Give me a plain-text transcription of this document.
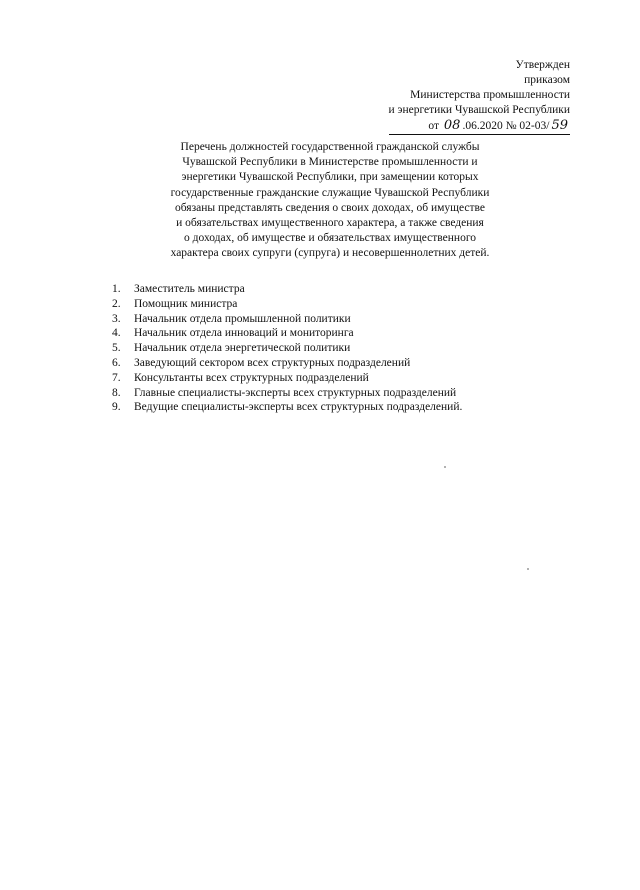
Утвержден
приказом
Министерства промышленности
и энергетики Чувашской Республики
от 08 .06.2020 № 02-03/ 59
Перечень должностей государственной гражданской службы
Чувашской Республики в Министерстве промышленности и
энергетики Чувашской Республики, при замещении которых
государственные гражданские служащие Чувашской Республики
обязаны представлять сведения о своих доходах, об имуществе
и обязательствах имущественного характера, а также сведения
о доходах, об имуществе и обязательствах имущественного
характера своих супруги (супруга) и несовершеннолетних детей.
1.	Заместитель министра
2.	Помощник министра
3.	Начальник отдела промышленной политики
4.	Начальник отдела инноваций и мониторинга
5.	Начальник отдела энергетической политики
6.	Заведующий сектором всех структурных подразделений
7.	Консультанты всех структурных подразделений
8.	Главные специалисты-эксперты всех структурных подразделений
9.	Ведущие специалисты-эксперты всех структурных подразделений.
